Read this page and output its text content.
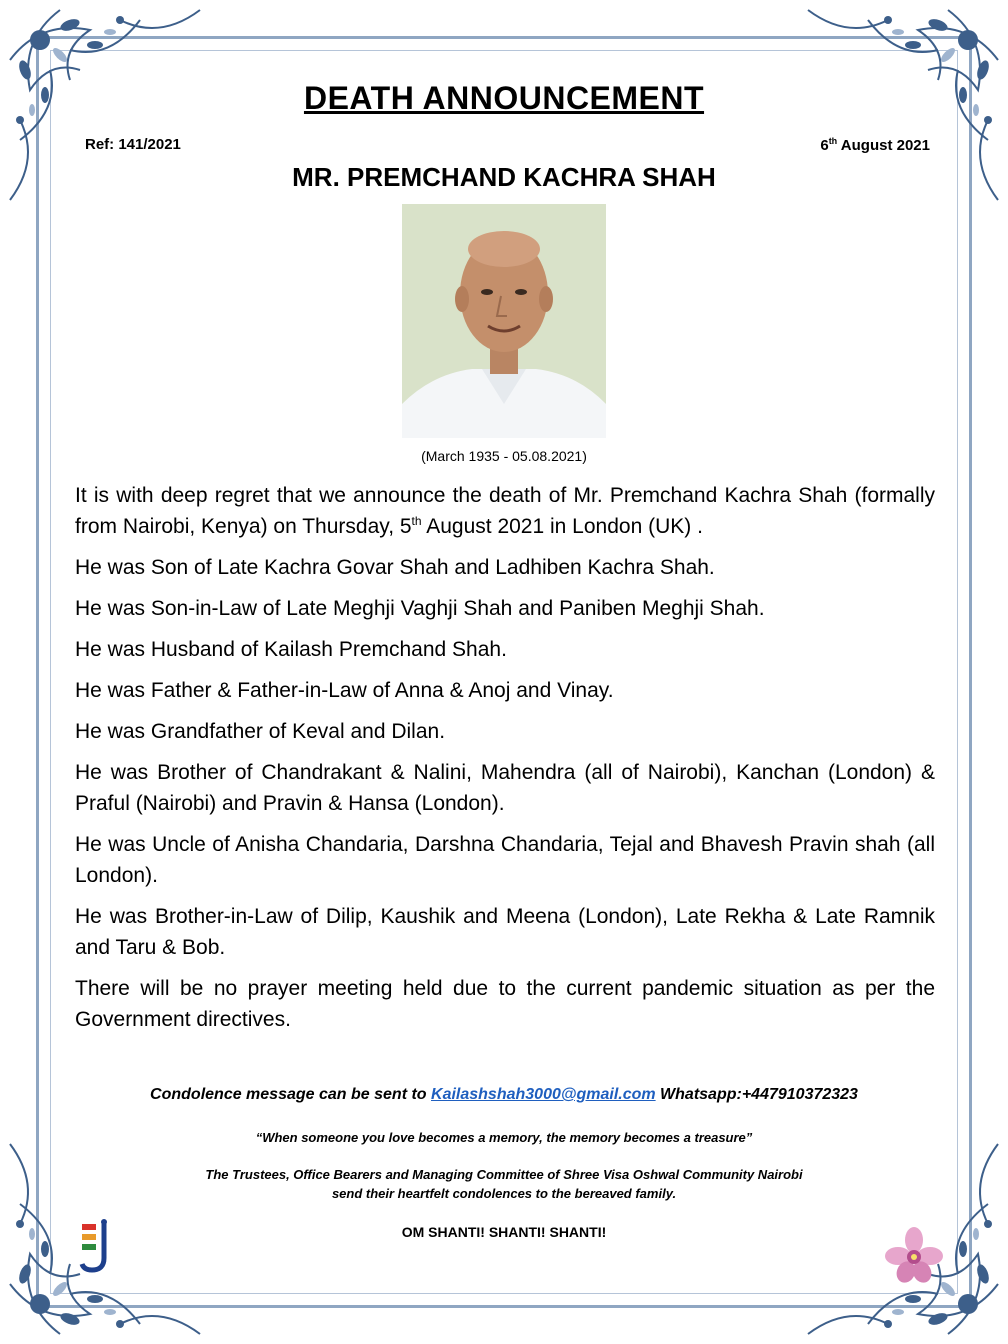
DEATH ANNOUNCEMENT
Ref: 141/2021	6th August 2021
MR. PREMCHAND KACHRA SHAH
(March 1935 - 05.08.2021)

It is with deep regret that we announce the death of Mr. Premchand Kachra Shah (formally from Nairobi, Kenya) on Thursday, 5th August 2021 in London (UK) .

He was Son of Late Kachra Govar Shah and Ladhiben Kachra Shah.

He was Son-in-Law of Late Meghji Vaghji Shah and Paniben Meghji Shah.

He was Husband of Kailash Premchand Shah.

He was Father & Father-in-Law of Anna & Anoj and Vinay.

He was Grandfather of Keval and Dilan.

He was Brother of Chandrakant & Nalini, Mahendra (all of Nairobi), Kanchan (London) & Praful (Nairobi) and Pravin & Hansa (London).

He was Uncle of Anisha Chandaria, Darshna Chandaria, Tejal and Bhavesh Pravin shah (all London).

He was Brother-in-Law of Dilip, Kaushik and Meena (London), Late Rekha & Late Ramnik and Taru & Bob.

There will be no prayer meeting held due to the current pandemic situation as per the Government directives.

Condolence message can be sent to Kailashshah3000@gmail.com Whatsapp:+447910372323
“When someone you love becomes a memory, the memory becomes a treasure”
The Trustees, Office Bearers and Managing Committee of Shree Visa Oshwal Community Nairobi
send their heartfelt condolences to the bereaved family.
OM SHANTI! SHANTI! SHANTI!
